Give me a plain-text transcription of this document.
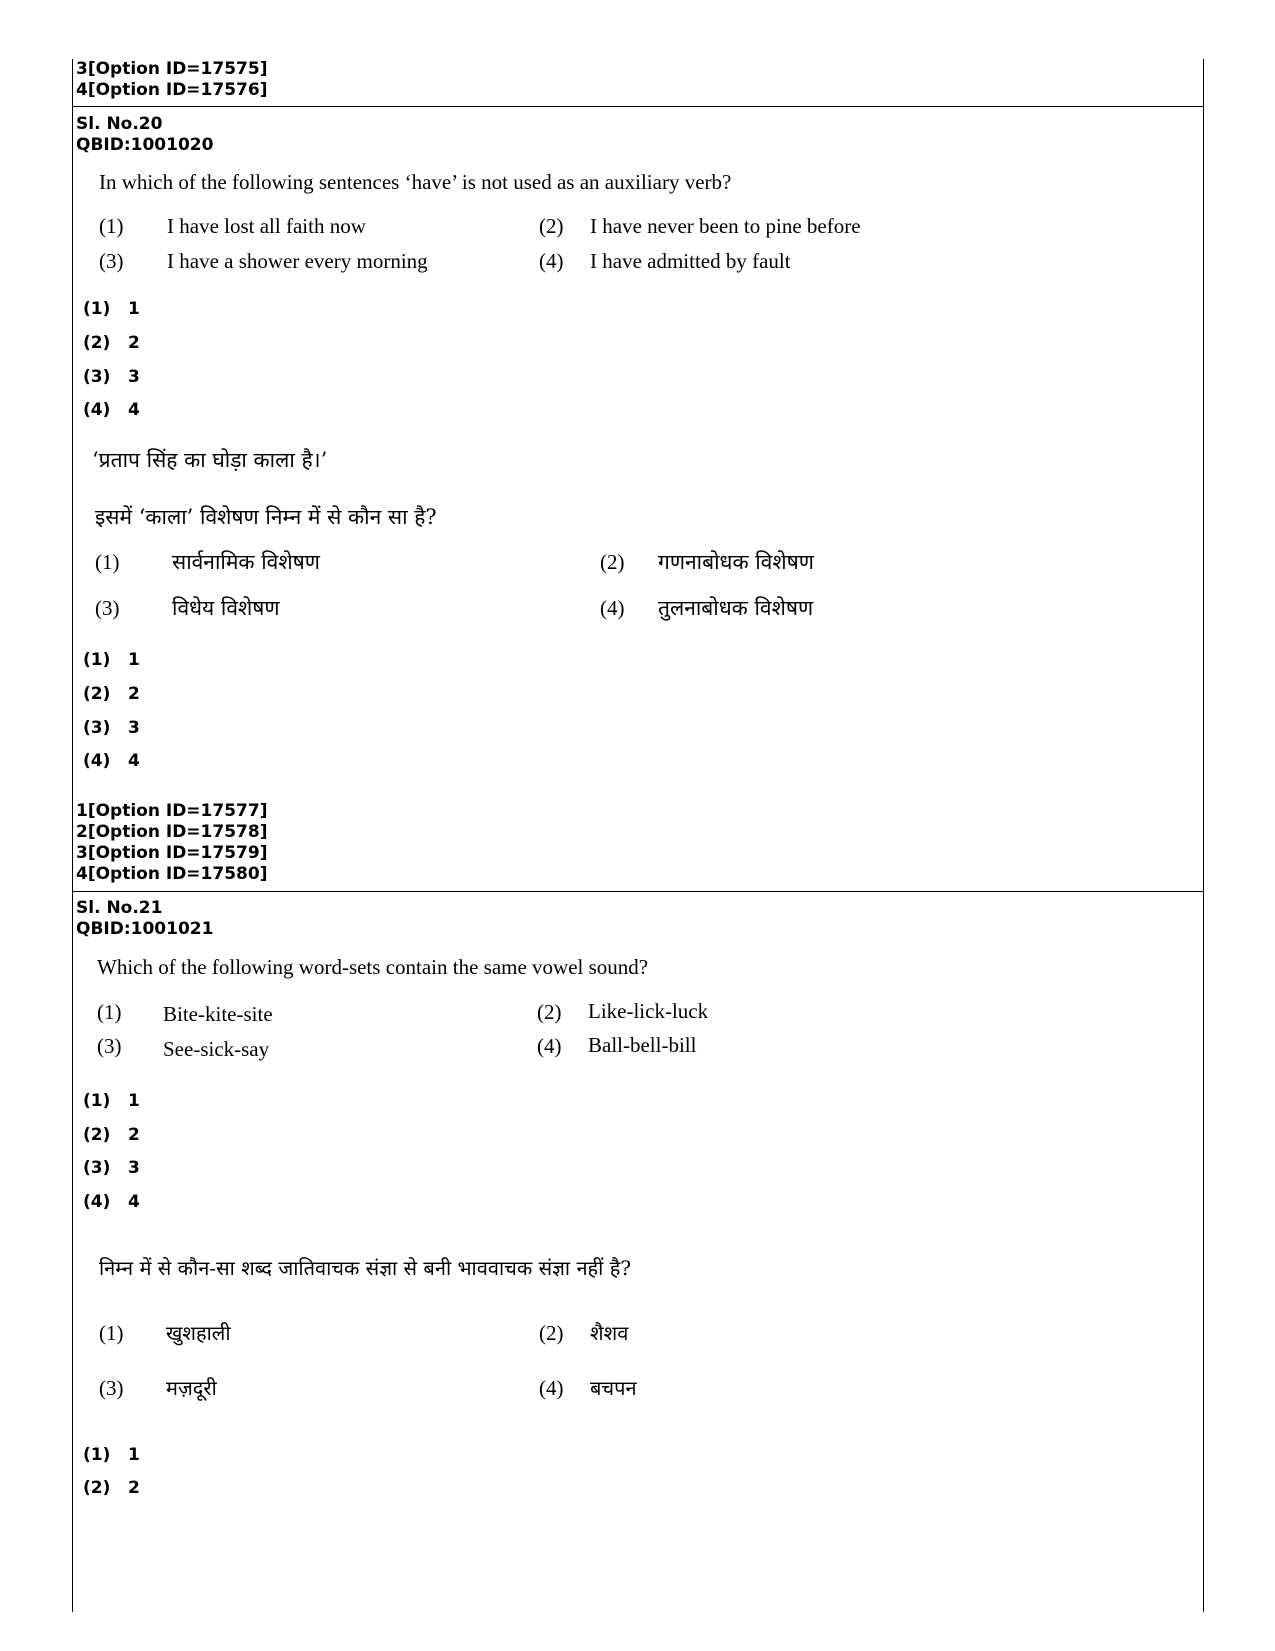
3[Option ID=17575]
4[Option ID=17576]
Sl. No.20
QBID:1001020
In which of the following sentences ‘have’ is not used as an auxiliary verb?
(1) I have lost all faith now	(2) I have never been to pine before
(3) I have a shower every morning	(4) I have admitted by fault
(1) 1
(2) 2
(3) 3
(4) 4
‘प्रताप सिंह का घोड़ा काला है।’
इसमें ‘काला’ विशेषण निम्न में से कौन सा है?
(1)	सार्वनामिक विशेषण	(2) गणनाबोधक विशेषण
(3)	विधेय विशेषण	(4) तुलनाबोधक विशेषण
(1) 1
(2) 2
(3) 3
(4) 4
1[Option ID=17577]
2[Option ID=17578]
3[Option ID=17579]
4[Option ID=17580]
Sl. No.21
QBID:1001021
Which of the following word-sets contain the same vowel sound?
(1) Bite-kite-site	(2) Like-lick-luck
(3) See-sick-say	(4) Ball-bell-bill
(1) 1
(2) 2
(3) 3
(4) 4
निम्न में से कौन-सा शब्द जातिवाचक संज्ञा से बनी भाववाचक संज्ञा नहीं है?
(1) खुशहाली	(2) शैशव
(3) मज़दूरी	(4) बचपन
(1) 1
(2) 2
